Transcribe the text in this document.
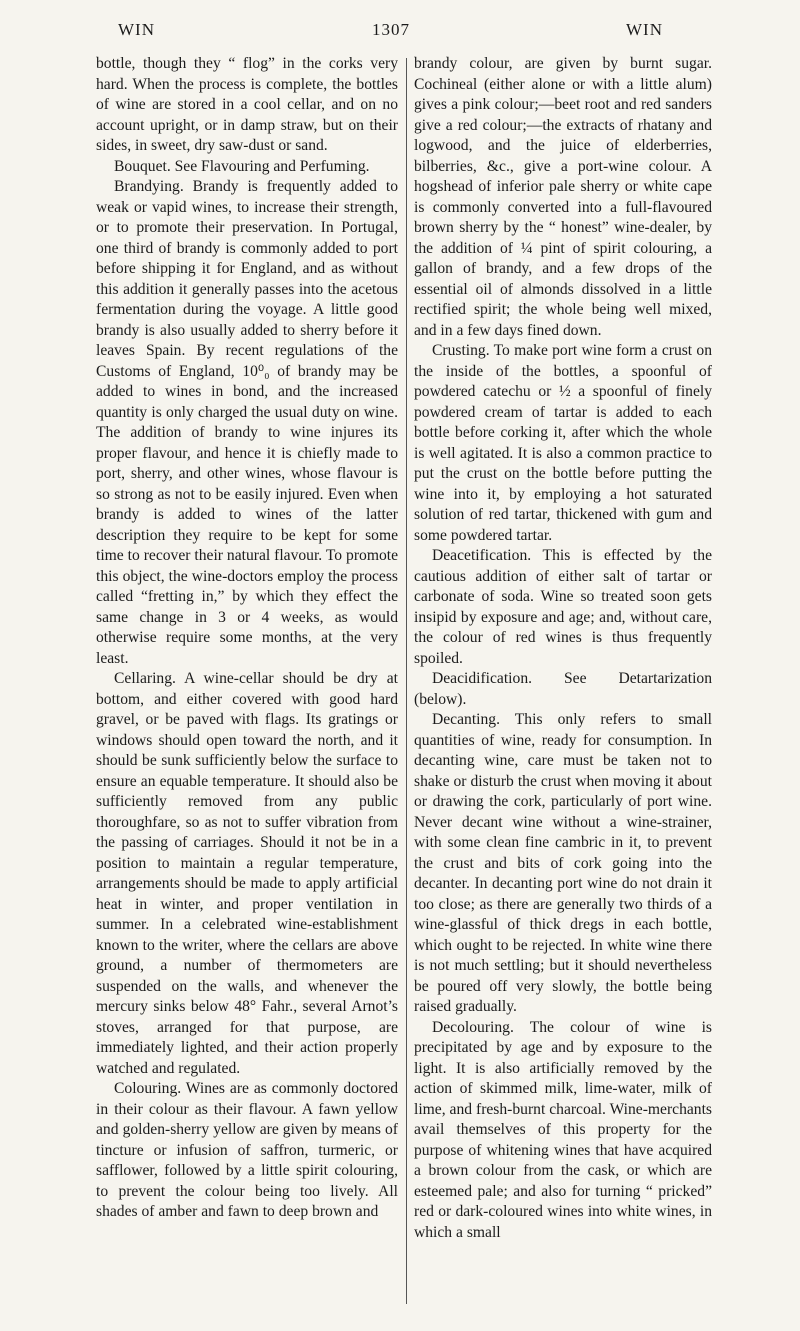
WIN	1307	WIN

bottle, though they “ flog” in the corks very hard. When the process is complete, the bottles of wine are stored in a cool cellar, and on no account upright, or in damp straw, but on their sides, in sweet, dry saw-dust or sand.

Bouquet. See Flavouring and Perfuming.

Brandying. Brandy is frequently added to weak or vapid wines, to increase their strength, or to promote their preservation. In Portugal, one third of brandy is commonly added to port before shipping it for England, and as without this addition it generally passes into the acetous fermentation during the voyage. A little good brandy is also usually added to sherry before it leaves Spain. By recent regulations of the Customs of England, 10⁰₀ of brandy may be added to wines in bond, and the increased quantity is only charged the usual duty on wine. The addition of brandy to wine injures its proper flavour, and hence it is chiefly made to port, sherry, and other wines, whose flavour is so strong as not to be easily injured. Even when brandy is added to wines of the latter description they require to be kept for some time to recover their natural flavour. To promote this object, the wine-doctors employ the process called “fretting in,” by which they effect the same change in 3 or 4 weeks, as would otherwise require some months, at the very least.

Cellaring. A wine-cellar should be dry at bottom, and either covered with good hard gravel, or be paved with flags. Its gratings or windows should open toward the north, and it should be sunk sufficiently below the surface to ensure an equable temperature. It should also be sufficiently removed from any public thoroughfare, so as not to suffer vibration from the passing of carriages. Should it not be in a position to maintain a regular temperature, arrangements should be made to apply artificial heat in winter, and proper ventilation in summer. In a celebrated wine-establishment known to the writer, where the cellars are above ground, a number of thermometers are suspended on the walls, and whenever the mercury sinks below 48° Fahr., several Arnot’s stoves, arranged for that purpose, are immediately lighted, and their action properly watched and regulated.

Colouring. Wines are as commonly doctored in their colour as their flavour. A fawn yellow and golden-sherry yellow are given by means of tincture or infusion of saffron, turmeric, or safflower, followed by a little spirit colouring, to prevent the colour being too lively. All shades of amber and fawn to deep brown and

brandy colour, are given by burnt sugar. Cochineal (either alone or with a little alum) gives a pink colour;—beet root and red sanders give a red colour;—the extracts of rhatany and logwood, and the juice of elderberries, bilberries, &c., give a port-wine colour. A hogshead of inferior pale sherry or white cape is commonly converted into a full-flavoured brown sherry by the “ honest” wine-dealer, by the addition of ¼ pint of spirit colouring, a gallon of brandy, and a few drops of the essential oil of almonds dissolved in a little rectified spirit; the whole being well mixed, and in a few days fined down.

Crusting. To make port wine form a crust on the inside of the bottles, a spoonful of powdered catechu or ½ a spoonful of finely powdered cream of tartar is added to each bottle before corking it, after which the whole is well agitated. It is also a common practice to put the crust on the bottle before putting the wine into it, by employing a hot saturated solution of red tartar, thickened with gum and some powdered tartar.

Deacetification. This is effected by the cautious addition of either salt of tartar or carbonate of soda. Wine so treated soon gets insipid by exposure and age; and, without care, the colour of red wines is thus frequently spoiled.

Deacidification. See Detartarization (below).

Decanting. This only refers to small quantities of wine, ready for consumption. In decanting wine, care must be taken not to shake or disturb the crust when moving it about or drawing the cork, particularly of port wine. Never decant wine without a wine-strainer, with some clean fine cambric in it, to prevent the crust and bits of cork going into the decanter. In decanting port wine do not drain it too close; as there are generally two thirds of a wine-glassful of thick dregs in each bottle, which ought to be rejected. In white wine there is not much settling; but it should nevertheless be poured off very slowly, the bottle being raised gradually.

Decolouring. The colour of wine is precipitated by age and by exposure to the light. It is also artificially removed by the action of skimmed milk, lime-water, milk of lime, and fresh-burnt charcoal. Wine-merchants avail themselves of this property for the purpose of whitening wines that have acquired a brown colour from the cask, or which are esteemed pale; and also for turning “ pricked” red or dark-coloured wines into white wines, in which a small
